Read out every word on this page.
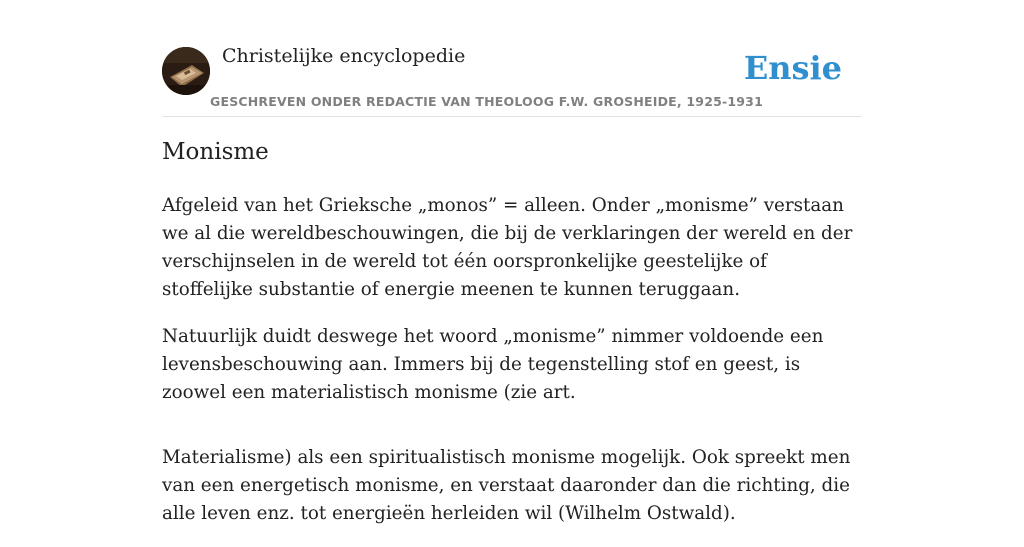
Christelijke encyclopedie
GESCHREVEN ONDER REDACTIE VAN THEOLOOG F.W. GROSHEIDE, 1925-1931
Ensie
Monisme

Afgeleid van het Grieksche „monos” = alleen. Onder „monisme” verstaan we al die wereldbeschouwingen, die bij de verklaringen der wereld en der verschijnselen in de wereld tot één oorspronkelijke geestelijke of stoffelijke substantie of energie meenen te kunnen teruggaan.

Natuurlijk duidt deswege het woord „monisme” nimmer voldoende een levensbeschouwing aan. Immers bij de tegenstelling stof en geest, is zoowel een materialistisch monisme (zie art.

Materialisme) als een spiritualistisch monisme mogelijk. Ook spreekt men van een energetisch monisme, en verstaat daaronder dan die richting, die alle leven enz. tot energieën herleiden wil (Wilhelm Ostwald).
